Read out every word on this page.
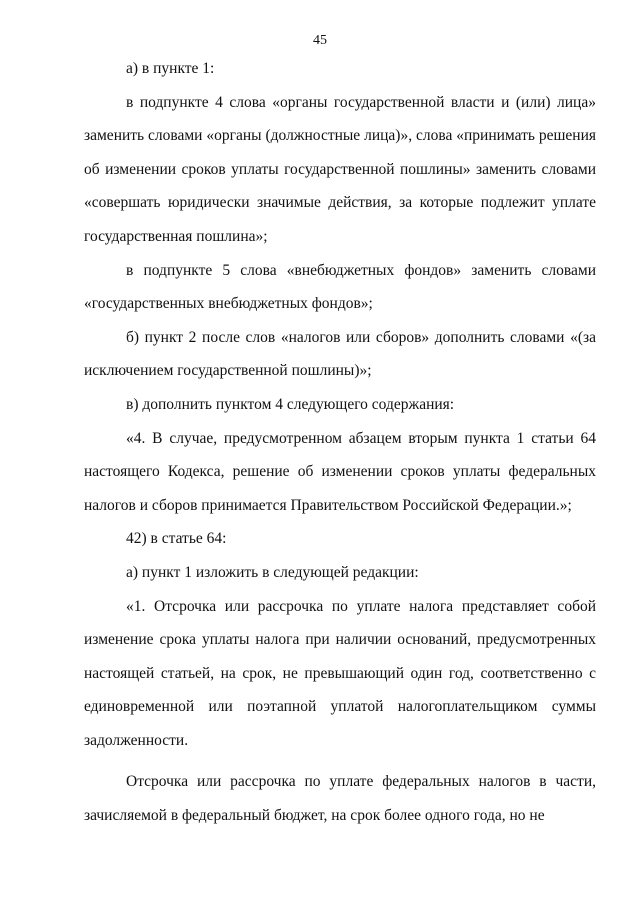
45

а) в пункте 1:

в подпункте 4 слова «органы государственной власти и (или) лица» заменить словами «органы (должностные лица)», слова «принимать решения об изменении сроков уплаты государственной пошлины» заменить словами «совершать юридически значимые действия, за которые подлежит уплате государственная пошлина»;

в подпункте 5 слова «внебюджетных фондов» заменить словами «государственных внебюджетных фондов»;

б) пункт 2 после слов «налогов или сборов» дополнить словами «(за исключением государственной пошлины)»;

в) дополнить пунктом 4 следующего содержания:

«4. В случае, предусмотренном абзацем вторым пункта 1 статьи 64 настоящего Кодекса, решение об изменении сроков уплаты федеральных налогов и сборов принимается Правительством Российской Федерации.»;

42) в статье 64:

а) пункт 1 изложить в следующей редакции:

«1. Отсрочка или рассрочка по уплате налога представляет собой изменение срока уплаты налога при наличии оснований, предусмотренных настоящей статьей, на срок, не превышающий один год, соответственно с единовременной или поэтапной уплатой налогоплательщиком суммы задолженности.

Отсрочка или рассрочка по уплате федеральных налогов в части, зачисляемой в федеральный бюджет, на срок более одного года, но не
